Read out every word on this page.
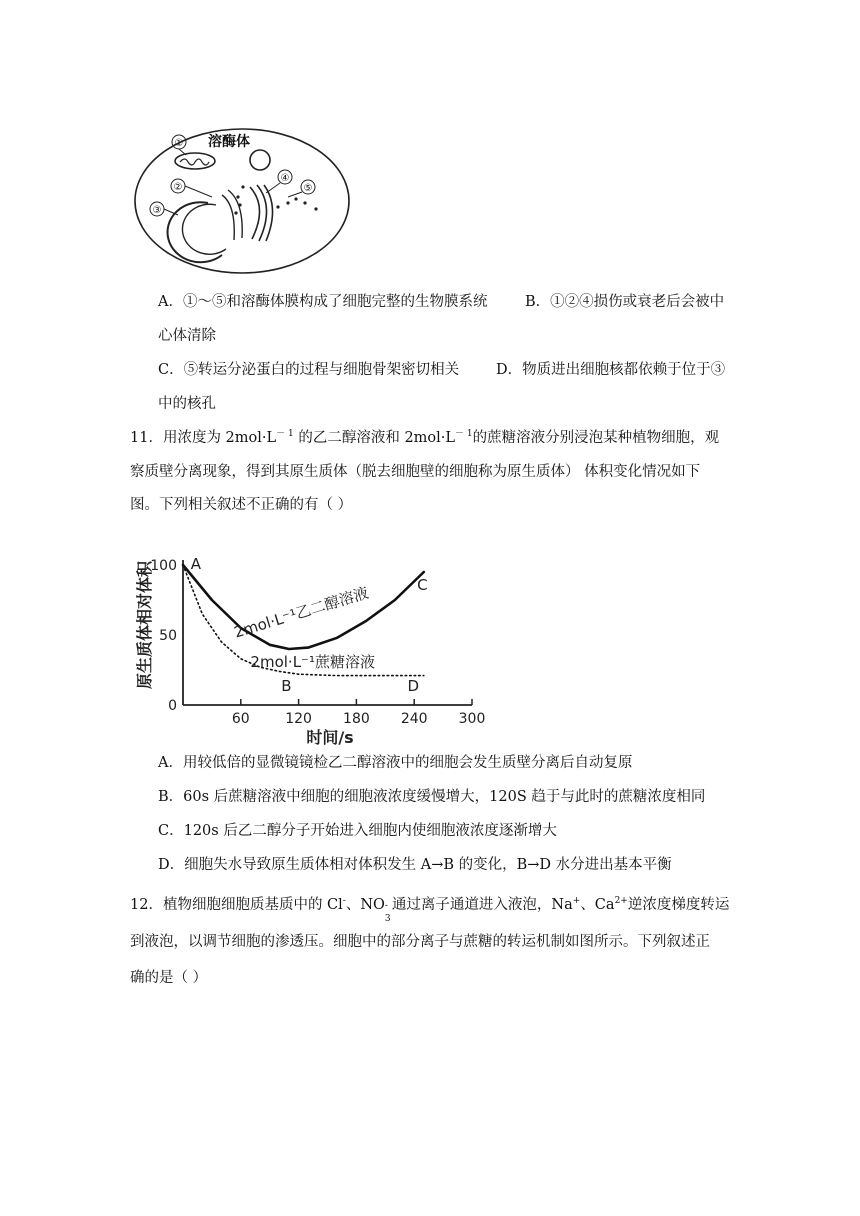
①
②
③
④
⑤
溶酶体
A．①～⑤和溶酶体膜构成了细胞完整的生物膜系统	B．①②④损伤或衰老后会被中
心体清除
C．⑤转运分泌蛋白的过程与细胞骨架密切相关	D．物质进出细胞核都依赖于位于③
中的核孔
11．用浓度为 $2mol\cdot L^{- 1}$ 的乙二醇溶液和 $2mol\cdot L^{- 1}$的蔗糖溶液分别浸泡某种植物细胞，观
察质壁分离现象，得到其原生质体（脱去细胞壁的细胞称为原生质体） 体积变化情况如下
图。下列相关叙述不正确的有（ ）
原生质体相对体积
时间/s
60	120 180 240 300
0
50
100
2mol·L⁻¹乙二醇溶液
2mol·L⁻¹蔗糖溶液
A
B
C
D
A．用较低倍的显微镜镜检乙二醇溶液中的细胞会发生质壁分离后自动复原
B．60s 后蔗糖溶液中细胞的细胞液浓度缓慢增大，120S 趋于与此时的蔗糖浓度相同
C．120s 后乙二醇分子开始进入细胞内使细胞液浓度逐渐增大
D．细胞失水导致原生质体相对体积发生 A→B 的变化，B→D 水分进出基本平衡
12．植物细胞细胞质基质中的 Cl-、NO -
3
通过离子通道进入液泡，Na+、$Ca^{2+}$逆浓度梯度转运
到液泡，以调节细胞的渗透压。细胞中的部分离子与蔗糖的转运机制如图所示。下列叙述正
确的是（ ）
